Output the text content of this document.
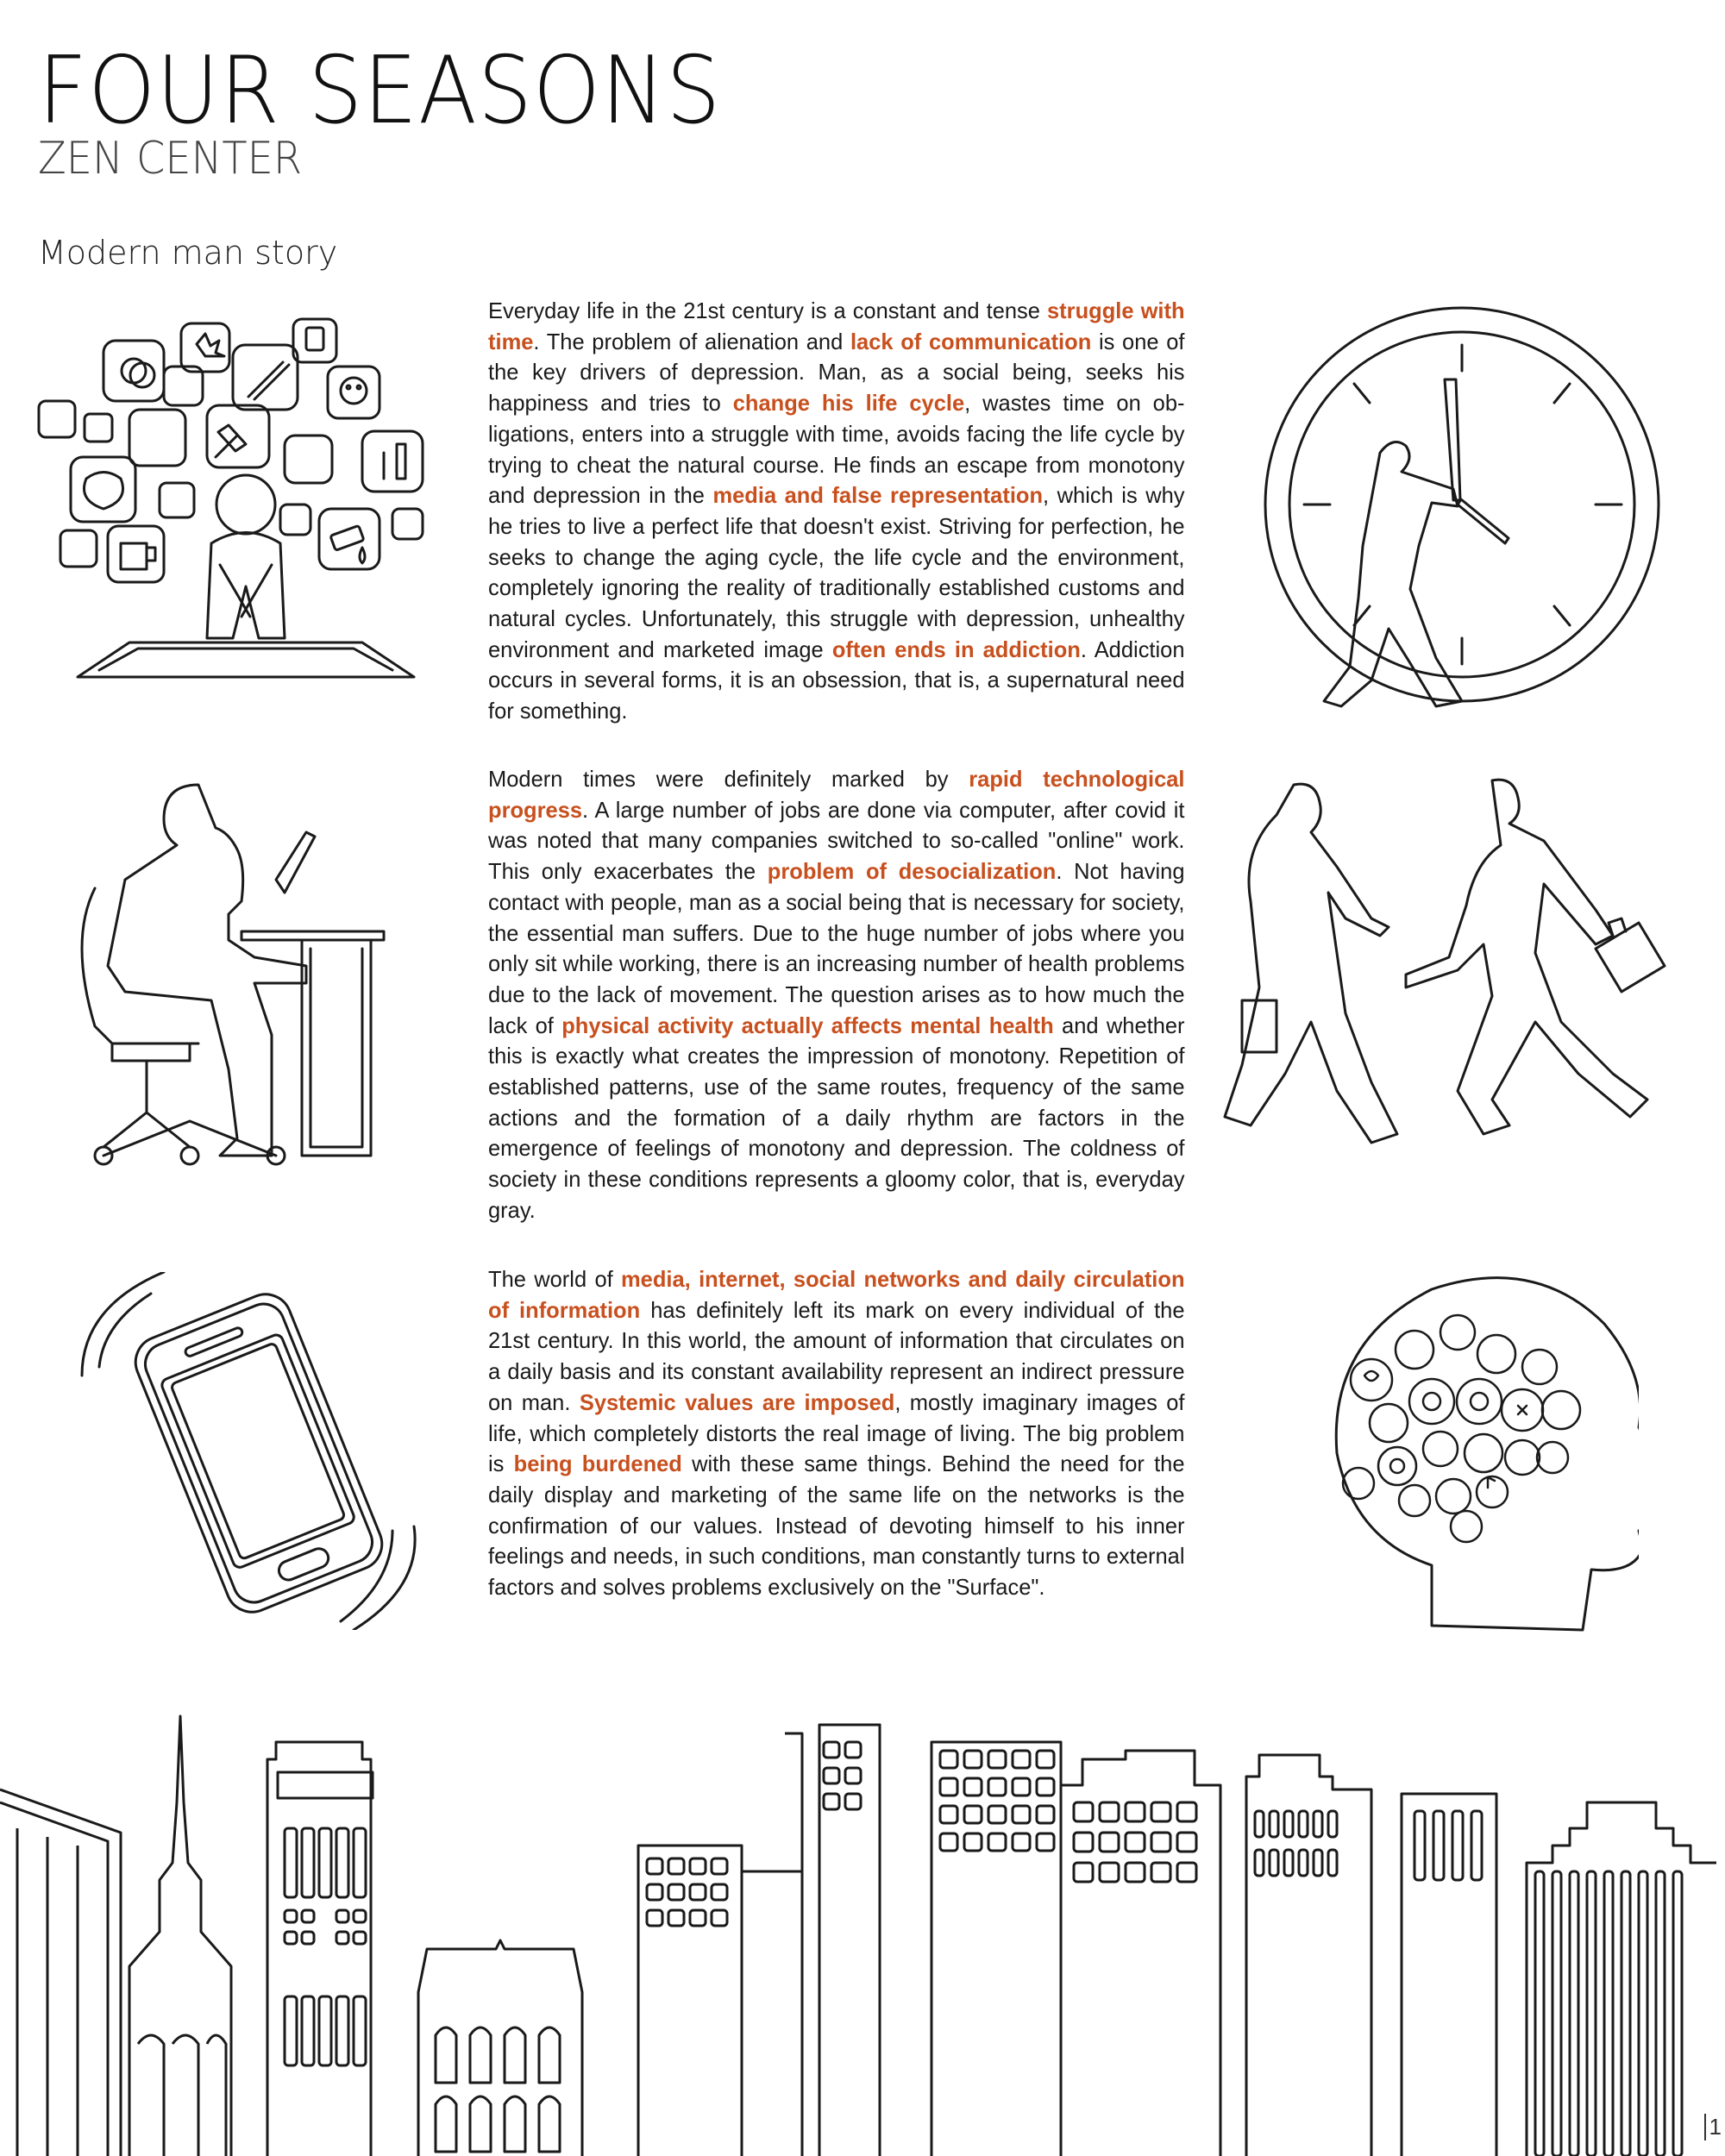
FOUR SEASONS
ZEN CENTER
Modern man story

Everyday life in the 21st century is a constant and tense struggle with time. The problem of alienation and lack of communication is one of the key drivers of depression. Man, as a social being, seeks his happiness and tries to change his life cycle, wastes time on obligations, enters into a struggle with time, avoids facing the life cycle by trying to cheat the natural course. He finds an escape from monotony and depression in the media and false representation, which is why he tries to live a perfect life that doesn't exist. Striving for perfection, he seeks to change the aging cycle, the life cycle and the environment, completely ignoring the reality of traditionally established customs and natural cycles. Unfortunately, this struggle with depression, unhealthy environment and marketed image often ends in addiction. Addiction occurs in several forms, it is an obsession, that is, a supernatural need for something.

Modern times were definitely marked by rapid technological progress. A large number of jobs are done via computer, after covid it was noted that many companies switched to so-called "online" work. This only exacerbates the problem of desocialization. Not having contact with people, man as a social being that is necessary for society, the essential man suffers. Due to the huge number of jobs where you only sit while working, there is an increasing number of health problems due to the lack of movement. The question arises as to how much the lack of physical activity actually affects mental health and whether this is exactly what creates the impression of monotony. Repetition of established patterns, use of the same routes, frequency of the same actions and the formation of a daily rhythm are factors in the emergence of feelings of monotony and depression. The coldness of society in these conditions represents a gloomy color, that is, everyday gray.

The world of media, internet, social networks and daily circulation of information has definitely left its mark on every individual of the 21st century. In this world, the amount of information that circulates on a daily basis and its constant availability represent an indirect pressure on man. Systemic values are imposed, mostly imaginary images of life, which completely distorts the real image of living. The big problem is being burdened with these same things. Behind the need for the daily display and marketing of the same life on the networks is the confirmation of our values. Instead of devoting himself to his inner feelings and needs, in such conditions, man constantly turns to external factors and solves problems exclusively on the "Surface".

1
